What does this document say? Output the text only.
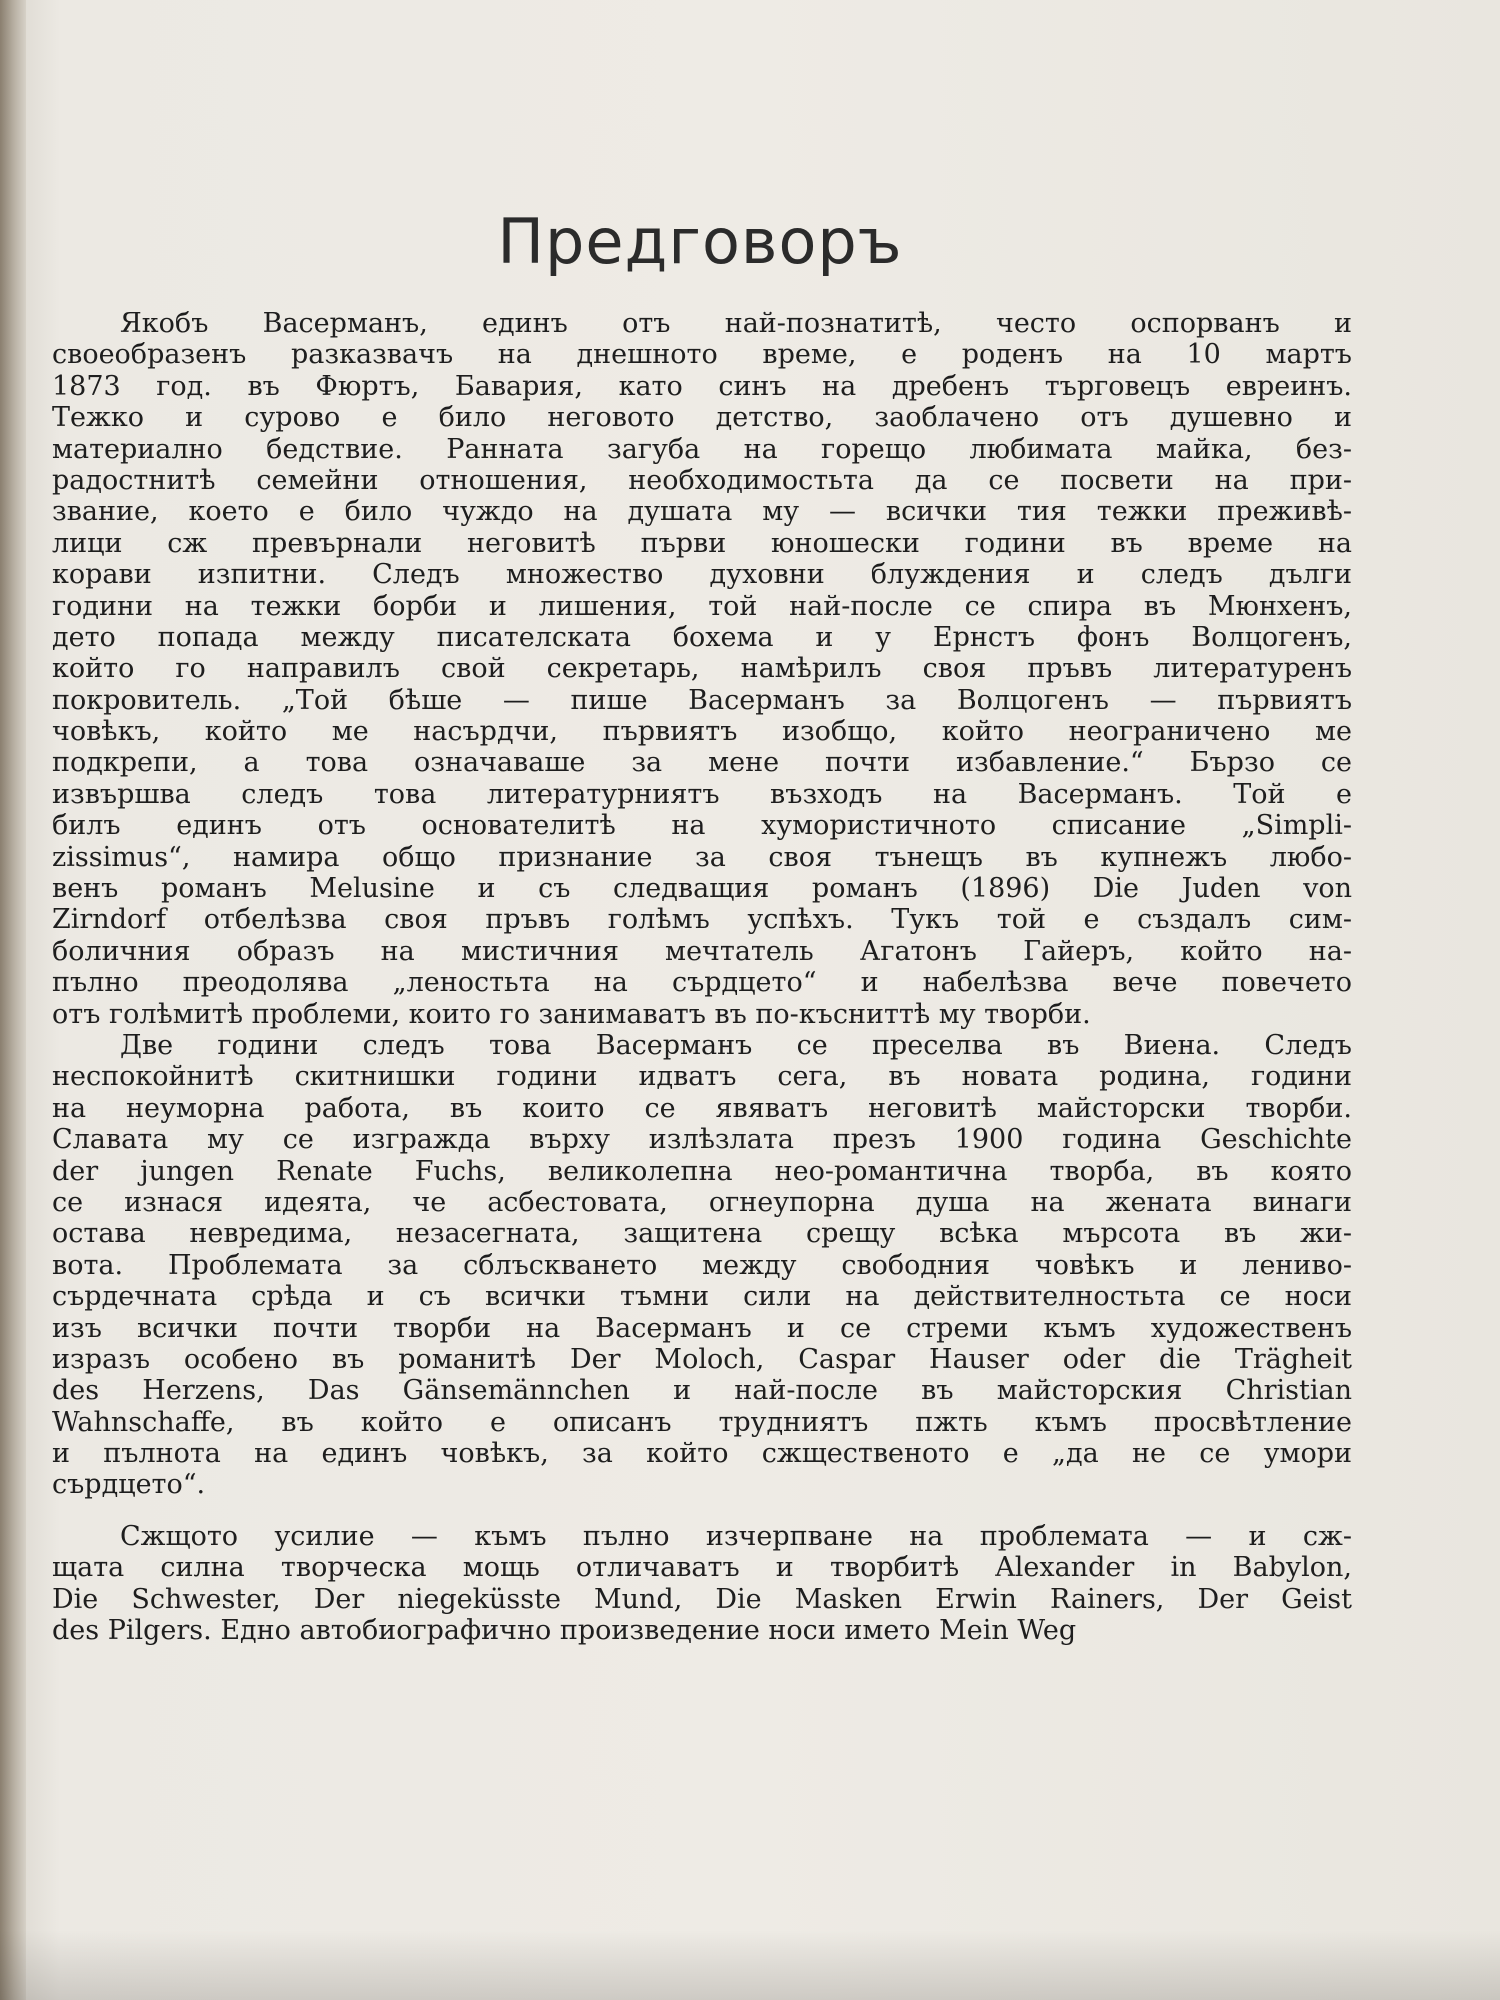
Предговоръ
Якобъ Васерманъ, единъ отъ най-познатитѣ, често оспорванъ и
своеобразенъ разказвачъ на днешното време, е роденъ на 10 мартъ
1873 год. въ Фюртъ, Бавария, като синъ на дребенъ търговецъ евреинъ.
Тежко и сурово е било неговото детство, заоблачено отъ душевно и
материално бедствие. Ранната загуба на горещо любимата майка, без-
радостнитѣ семейни отношения, необходимостьта да се посвети на при-
звание, което е било чуждо на душата му — всички тия тежки преживѣ-
лици сж превърнали неговитѣ първи юношески години въ време на
корави изпитни. Следъ множество духовни блуждения и следъ дълги
години на тежки борби и лишения, той най-после се спира въ Мюнхенъ,
дето попада между писателската бохема и у Ернстъ фонъ Волцогенъ,
който го направилъ свой секретарь, намѣрилъ своя пръвъ литературенъ
покровитель. „Той бѣше — пише Васерманъ за Волцогенъ — първиятъ
човѣкъ, който ме насърдчи, първиятъ изобщо, който неограничено ме
подкрепи, а това означаваше за мене почти избавление.“ Бързо се
извършва следъ това литературниятъ възходъ на Васерманъ. Той е
билъ единъ отъ основателитѣ на хумористичното списание „Simpli-
zissimus“, намира общо признание за своя тънещъ въ купнежъ любо-
венъ романъ Melusine и съ следващия романъ (1896) Die Juden von
Zirndorf отбелѣзва своя пръвъ голѣмъ успѣхъ. Тукъ той е създалъ сим-
боличния образъ на мистичния мечтатель Агатонъ Гайеръ, който на-
пълно преодолява „леностьта на сърдцето“ и набелѣзва вече повечето
отъ голѣмитѣ проблеми, които го занимаватъ въ по-късниттѣ му творби.
Две години следъ това Васерманъ се преселва въ Виена. Следъ
неспокойнитѣ скитнишки години идватъ сега, въ новата родина, години
на неуморна работа, въ които се явяватъ неговитѣ майсторски творби.
Славата му се изгражда върху излѣзлата презъ 1900 година Geschichte
der jungen Renate Fuchs, великолепна нео-романтична творба, въ която
се изнася идеята, че асбестовата, огнеупорна душа на жената винаги
остава невредима, незасегната, защитена срещу всѣка мърсота въ жи-
вота. Проблемата за сблъскването между свободния човѣкъ и лениво-
сърдечната срѣда и съ всички тъмни сили на действителностьта се носи
изъ всички почти творби на Васерманъ и се стреми къмъ художественъ
изразъ особено въ романитѣ Der Moloch, Caspar Hauser oder die Trägheit
des Herzens, Das Gänsemännchen и най-после въ майсторския Christian
Wahnschaffe, въ който е описанъ трудниятъ пжть къмъ просвѣтление
и пълнота на единъ човѣкъ, за който сжщественото е „да не се умори
сърдцето“.
Сжщото усилие — къмъ пълно изчерпване на проблемата — и сж-
щата силна творческа мощь отличаватъ и творбитѣ Alexander in Babylon,
Die Schwester, Der niegeküsste Mund, Die Masken Erwin Rainers, Der Geist
des Pilgers. Едно автобиографично произведение носи името Mein Weg
